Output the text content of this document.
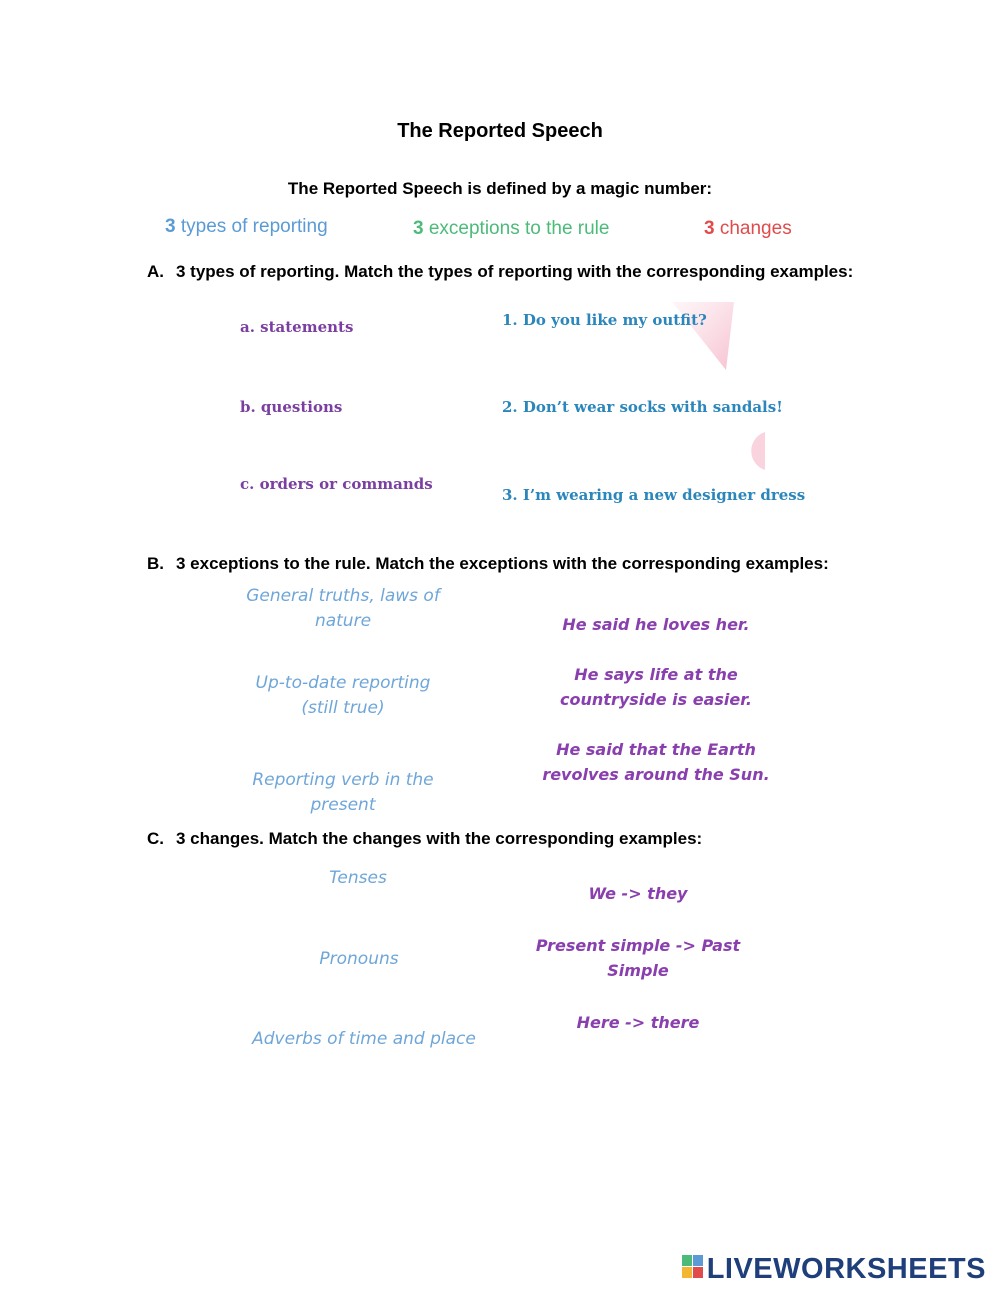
The Reported Speech
The Reported Speech is defined by a magic number:
3 types of reporting	3 exceptions to the rule	3 changes
A. 3 types of reporting. Match the types of reporting with the corresponding examples:
a. statements
b. questions
c. orders or commands
1. Do you like my outfit?
2. Don’t wear socks with sandals!
3. I’m wearing a new designer dress
B. 3 exceptions to the rule. Match the exceptions with the corresponding examples:
General truths, laws of nature
Up-to-date reporting (still true)
Reporting verb in the present
He said he loves her.
He says life at the countryside is easier.
He said that the Earth revolves around the Sun.
C. 3 changes. Match the changes with the corresponding examples:
Tenses
Pronouns
Adverbs of time and place
We -> they
Present simple -> Past Simple
Here -> there
LIVEWORKSHEETS
